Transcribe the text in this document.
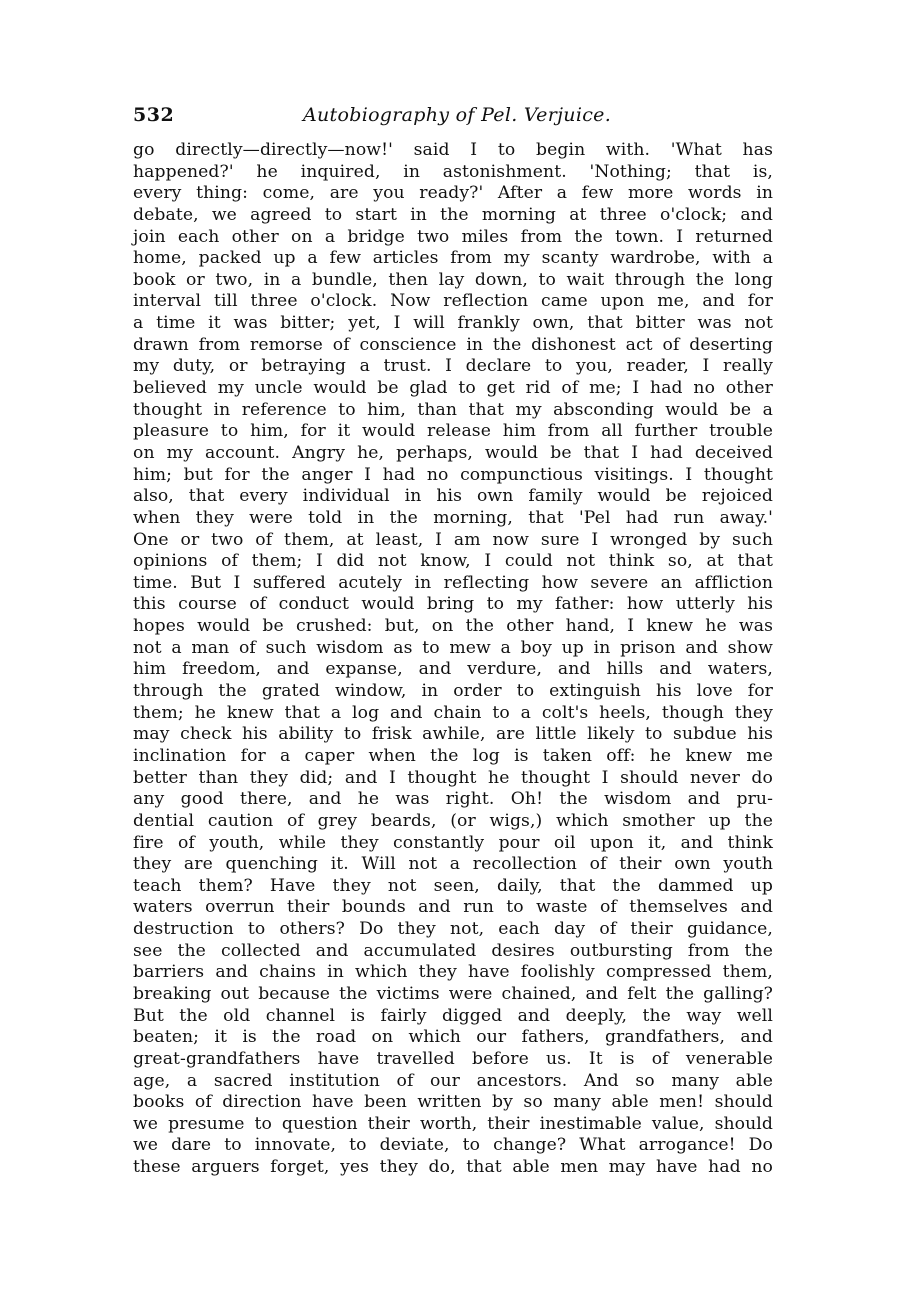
532	Autobiography of Pel. Verjuice.
go directly—directly—now!' said I to begin with. 'What has
happened?' he inquired, in astonishment. 'Nothing; that is,
every thing: come, are you ready?' After a few more words in
debate, we agreed to start in the morning at three o'clock; and
join each other on a bridge two miles from the town. I returned
home, packed up a few articles from my scanty wardrobe, with a
book or two, in a bundle, then lay down, to wait through the long
interval till three o'clock. Now reflection came upon me, and for
a time it was bitter; yet, I will frankly own, that bitter was not
drawn from remorse of conscience in the dishonest act of deserting
my duty, or betraying a trust. I declare to you, reader, I really
believed my uncle would be glad to get rid of me; I had no other
thought in reference to him, than that my absconding would be a
pleasure to him, for it would release him from all further trouble
on my account. Angry he, perhaps, would be that I had deceived
him; but for the anger I had no compunctious visitings. I thought
also, that every individual in his own family would be rejoiced
when they were told in the morning, that 'Pel had run away.'
One or two of them, at least, I am now sure I wronged by such
opinions of them; I did not know, I could not think so, at that
time. But I suffered acutely in reflecting how severe an affliction
this course of conduct would bring to my father: how utterly his
hopes would be crushed: but, on the other hand, I knew he was
not a man of such wisdom as to mew a boy up in prison and show
him freedom, and expanse, and verdure, and hills and waters,
through the grated window, in order to extinguish his love for
them; he knew that a log and chain to a colt's heels, though they
may check his ability to frisk awhile, are little likely to subdue his
inclination for a caper when the log is taken off: he knew me
better than they did; and I thought he thought I should never do
any good there, and he was right. Oh! the wisdom and pru-
dential caution of grey beards, (or wigs,) which smother up the
fire of youth, while they constantly pour oil upon it, and think
they are quenching it. Will not a recollection of their own youth
teach them? Have they not seen, daily, that the dammed up
waters overrun their bounds and run to waste of themselves and
destruction to others? Do they not, each day of their guidance,
see the collected and accumulated desires outbursting from the
barriers and chains in which they have foolishly compressed them,
breaking out because the victims were chained, and felt the galling?
But the old channel is fairly digged and deeply, the way well
beaten; it is the road on which our fathers, grandfathers, and
great-grandfathers have travelled before us. It is of venerable
age, a sacred institution of our ancestors. And so many able
books of direction have been written by so many able men! should
we presume to question their worth, their inestimable value, should
we dare to innovate, to deviate, to change? What arrogance! Do
these arguers forget, yes they do, that able men may have had no
